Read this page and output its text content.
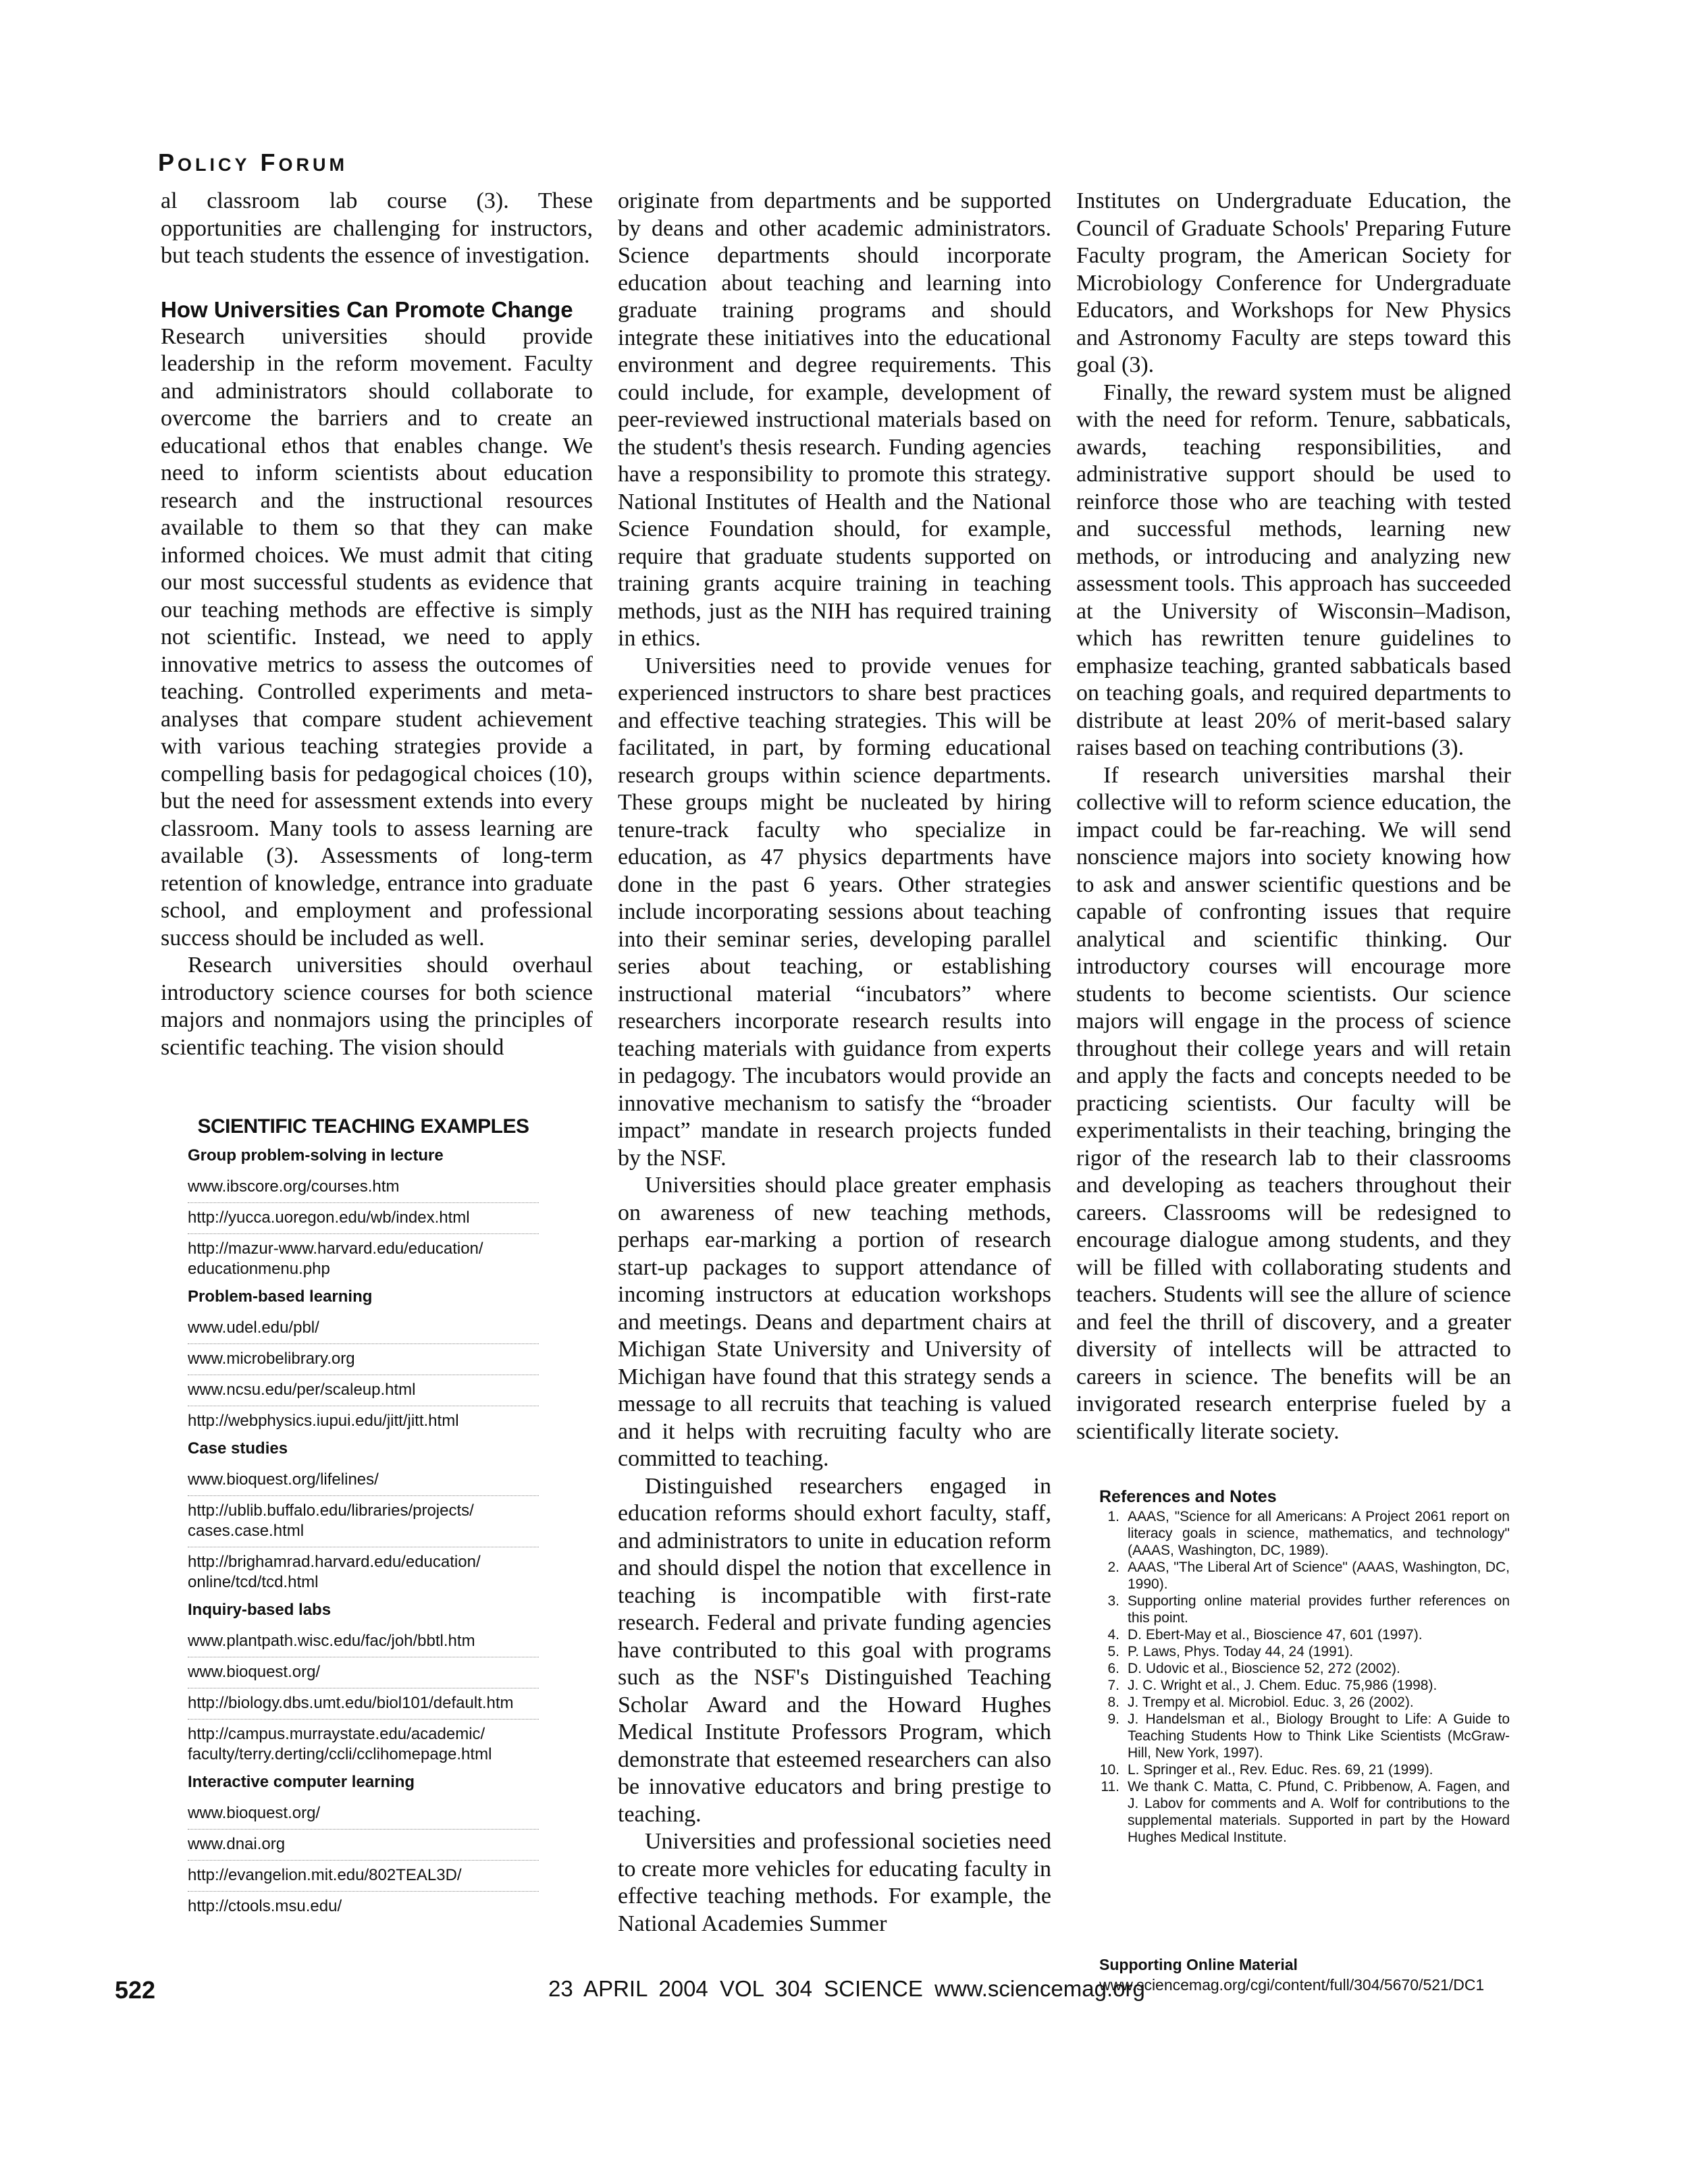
POLICY FORUM

al classroom lab course (3). These opportunities are challenging for instructors, but teach students the essence of investigation.

How Universities Can Promote Change

Research universities should provide leadership in the reform movement. Faculty and administrators should collaborate to overcome the barriers and to create an educational ethos that enables change. We need to inform scientists about education research and the instructional resources available to them so that they can make informed choices. We must admit that citing our most successful students as evidence that our teaching methods are effective is simply not scientific. Instead, we need to apply innovative metrics to assess the outcomes of teaching. Controlled experiments and meta-analyses that compare student achievement with various teaching strategies provide a compelling basis for pedagogical choices (10), but the need for assessment extends into every classroom. Many tools to assess learning are available (3). Assessments of long-term retention of knowledge, entrance into graduate school, and employment and professional success should be included as well.

Research universities should overhaul introductory science courses for both science majors and nonmajors using the principles of scientific teaching. The vision should

SCIENTIFIC TEACHING EXAMPLES

Group problem-solving in lecture

www.ibscore.org/courses.htm

http://yucca.uoregon.edu/wb/index.html

http://mazur-www.harvard.edu/education/ educationmenu.php

Problem-based learning

www.udel.edu/pbl/

www.microbelibrary.org

www.ncsu.edu/per/scaleup.html

http://webphysics.iupui.edu/jitt/jitt.html

Case studies

www.bioquest.org/lifelines/

http://ublib.buffalo.edu/libraries/projects/ cases.case.html

http://brighamrad.harvard.edu/education/ online/tcd/tcd.html

Inquiry-based labs

www.plantpath.wisc.edu/fac/joh/bbtl.htm

www.bioquest.org/

http://biology.dbs.umt.edu/biol101/default.htm

http://campus.murraystate.edu/academic/ faculty/terry.derting/ccli/cclihomepage.html

Interactive computer learning

www.bioquest.org/

www.dnai.org

http://evangelion.mit.edu/802TEAL3D/

http://ctools.msu.edu/

originate from departments and be supported by deans and other academic administrators. Science departments should incorporate education about teaching and learning into graduate training programs and should integrate these initiatives into the educational environment and degree requirements. This could include, for example, development of peer-reviewed instructional materials based on the student's thesis research. Funding agencies have a responsibility to promote this strategy. National Institutes of Health and the National Science Foundation should, for example, require that graduate students supported on training grants acquire training in teaching methods, just as the NIH has required training in ethics.

Universities need to provide venues for experienced instructors to share best practices and effective teaching strategies. This will be facilitated, in part, by forming educational research groups within science departments. These groups might be nucleated by hiring tenure-track faculty who specialize in education, as 47 physics departments have done in the past 6 years. Other strategies include incorporating sessions about teaching into their seminar series, developing parallel series about teaching, or establishing instructional material “incubators” where researchers incorporate research results into teaching materials with guidance from experts in pedagogy. The incubators would provide an innovative mechanism to satisfy the “broader impact” mandate in research projects funded by the NSF.

Universities should place greater emphasis on awareness of new teaching methods, perhaps ear-marking a portion of research start-up packages to support attendance of incoming instructors at education workshops and meetings. Deans and department chairs at Michigan State University and University of Michigan have found that this strategy sends a message to all recruits that teaching is valued and it helps with recruiting faculty who are committed to teaching.

Distinguished researchers engaged in education reforms should exhort faculty, staff, and administrators to unite in education reform and should dispel the notion that excellence in teaching is incompatible with first-rate research. Federal and private funding agencies have contributed to this goal with programs such as the NSF's Distinguished Teaching Scholar Award and the Howard Hughes Medical Institute Professors Program, which demonstrate that esteemed researchers can also be innovative educators and bring prestige to teaching.

Universities and professional societies need to create more vehicles for educating faculty in effective teaching methods. For example, the National Academies Summer

Institutes on Undergraduate Education, the Council of Graduate Schools' Preparing Future Faculty program, the American Society for Microbiology Conference for Undergraduate Educators, and Workshops for New Physics and Astronomy Faculty are steps toward this goal (3).

Finally, the reward system must be aligned with the need for reform. Tenure, sabbaticals, awards, teaching responsibilities, and administrative support should be used to reinforce those who are teaching with tested and successful methods, learning new methods, or introducing and analyzing new assessment tools. This approach has succeeded at the University of Wisconsin–Madison, which has rewritten tenure guidelines to emphasize teaching, granted sabbaticals based on teaching goals, and required departments to distribute at least 20% of merit-based salary raises based on teaching contributions (3).

If research universities marshal their collective will to reform science education, the impact could be far-reaching. We will send nonscience majors into society knowing how to ask and answer scientific questions and be capable of confronting issues that require analytical and scientific thinking. Our introductory courses will encourage more students to become scientists. Our science majors will engage in the process of science throughout their college years and will retain and apply the facts and concepts needed to be practicing scientists. Our faculty will be experimentalists in their teaching, bringing the rigor of the research lab to their classrooms and developing as teachers throughout their careers. Classrooms will be redesigned to encourage dialogue among students, and they will be filled with collaborating students and teachers. Students will see the allure of science and feel the thrill of discovery, and a greater diversity of intellects will be attracted to careers in science. The benefits will be an invigorated research enterprise fueled by a scientifically literate society.

References and Notes
1. AAAS, "Science for all Americans: A Project 2061 report on literacy goals in science, mathematics, and technology" (AAAS, Washington, DC, 1989).
2. AAAS, "The Liberal Art of Science" (AAAS, Washington, DC, 1990).
3. Supporting online material provides further references on this point.
4. D. Ebert-May et al., Bioscience 47, 601 (1997).
5. P. Laws, Phys. Today 44, 24 (1991).
6. D. Udovic et al., Bioscience 52, 272 (2002).
7. J. C. Wright et al., J. Chem. Educ. 75,986 (1998).
8. J. Trempy et al. Microbiol. Educ. 3, 26 (2002).
9. J. Handelsman et al., Biology Brought to Life: A Guide to Teaching Students How to Think Like Scientists (McGraw-Hill, New York, 1997).
10. L. Springer et al., Rev. Educ. Res. 69, 21 (1999).
11. We thank C. Matta, C. Pfund, C. Pribbenow, A. Fagen, and J. Labov for comments and A. Wolf for contributions to the supplemental materials. Supported in part by the Howard Hughes Medical Institute.
Supporting Online Material
www.sciencemag.org/cgi/content/full/304/5670/521/DC1
522	23 APRIL 2004 VOL 304 SCIENCE www.sciencemag.org
